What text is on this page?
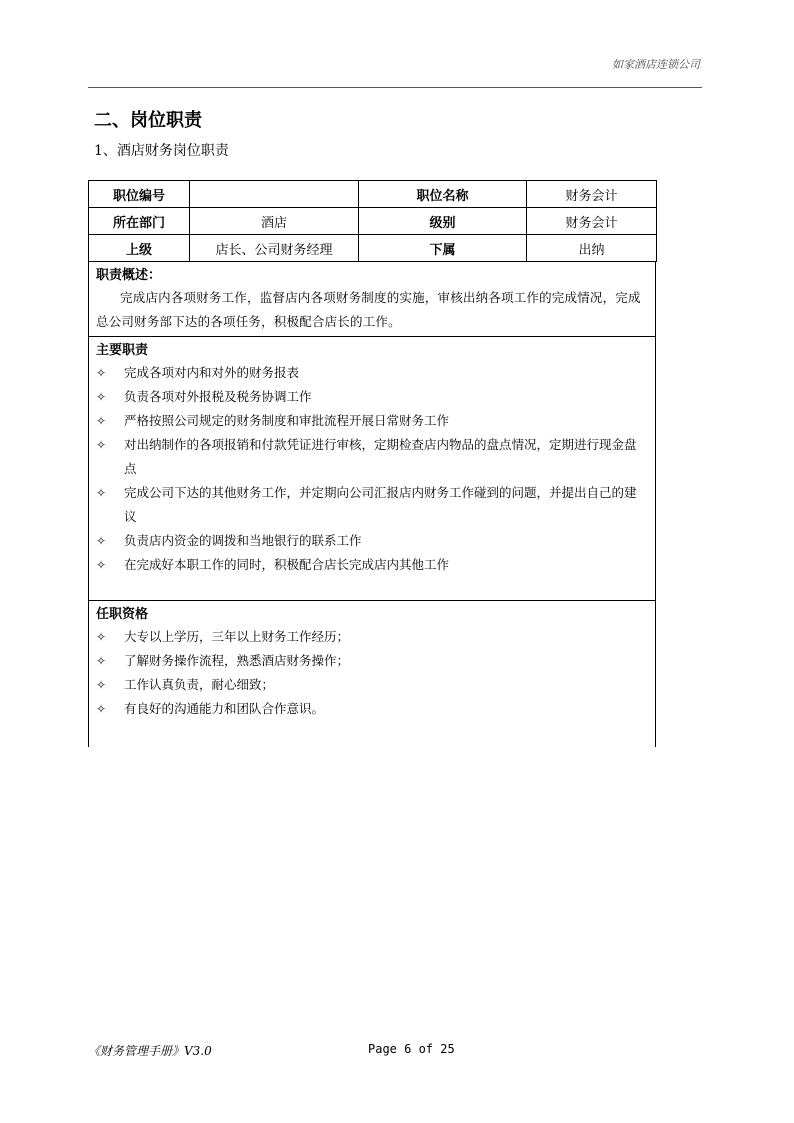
如家酒店连锁公司
二、岗位职责
1、酒店财务岗位职责
职位编号		职位名称	财务会计
所在部门	酒店	级别	财务会计
上级	店长、公司财务经理	下属	出纳
职责概述：
完成店内各项财务工作，监督店内各项财务制度的实施，审核出纳各项工作的完成情况，完成总公司财务部下达的各项任务，积极配合店长的工作。
主要职责
✧	完成各项对内和对外的财务报表
✧	负责各项对外报税及税务协调工作
✧	严格按照公司规定的财务制度和审批流程开展日常财务工作
✧	对出纳制作的各项报销和付款凭证进行审核，定期检查店内物品的盘点情况，定期进行现金盘点
✧	完成公司下达的其他财务工作，并定期向公司汇报店内财务工作碰到的问题，并提出自己的建议
✧	负责店内资金的调拨和当地银行的联系工作
✧	在完成好本职工作的同时，积极配合店长完成店内其他工作
任职资格
✧	大专以上学历，三年以上财务工作经历；
✧	了解财务操作流程，熟悉酒店财务操作；
✧	工作认真负责，耐心细致；
✧	有良好的沟通能力和团队合作意识。
《财务管理手册》V3.0	Page 6 of 25
